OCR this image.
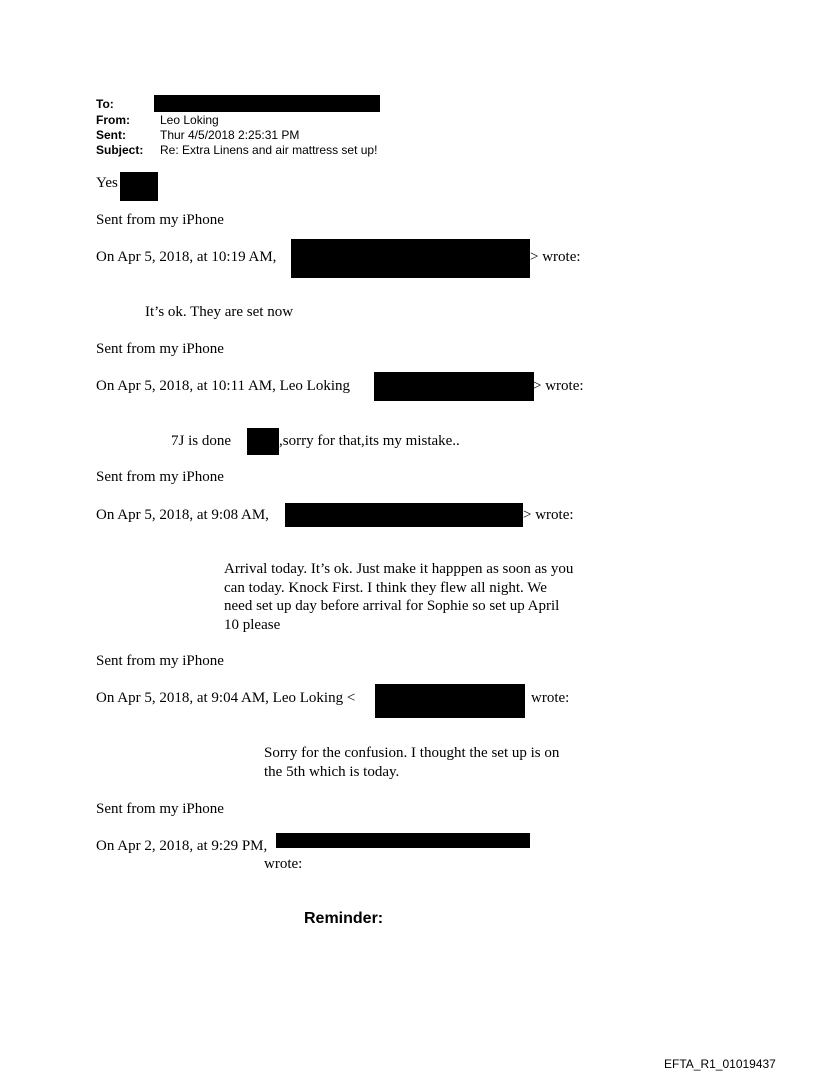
To:
From:	Leo Loking
Sent:	Thur 4/5/2018 2:25:31 PM
Subject: Re: Extra Linens and air mattress set up!
Yes
Sent from my iPhone
On Apr 5, 2018, at 10:19 AM,	> wrote:
It’s ok. They are set now
Sent from my iPhone
On Apr 5, 2018, at 10:11 AM, Leo Loking	> wrote:
7J is done	,sorry for that,its my mistake..
Sent from my iPhone
On Apr 5, 2018, at 9:08 AM,	> wrote:
Arrival today. It’s ok. Just make it happpen as soon as you can today. Knock First. I think they flew all night. We need set up day before arrival for Sophie so set up April 10 please
Sent from my iPhone
On Apr 5, 2018, at 9:04 AM, Leo Loking <	wrote:
Sorry for the confusion. I thought the set up is on the 5th which is today.
Sent from my iPhone
On Apr 2, 2018, at 9:29 PM,
wrote:
Reminder:
EFTA_R1_01019437
